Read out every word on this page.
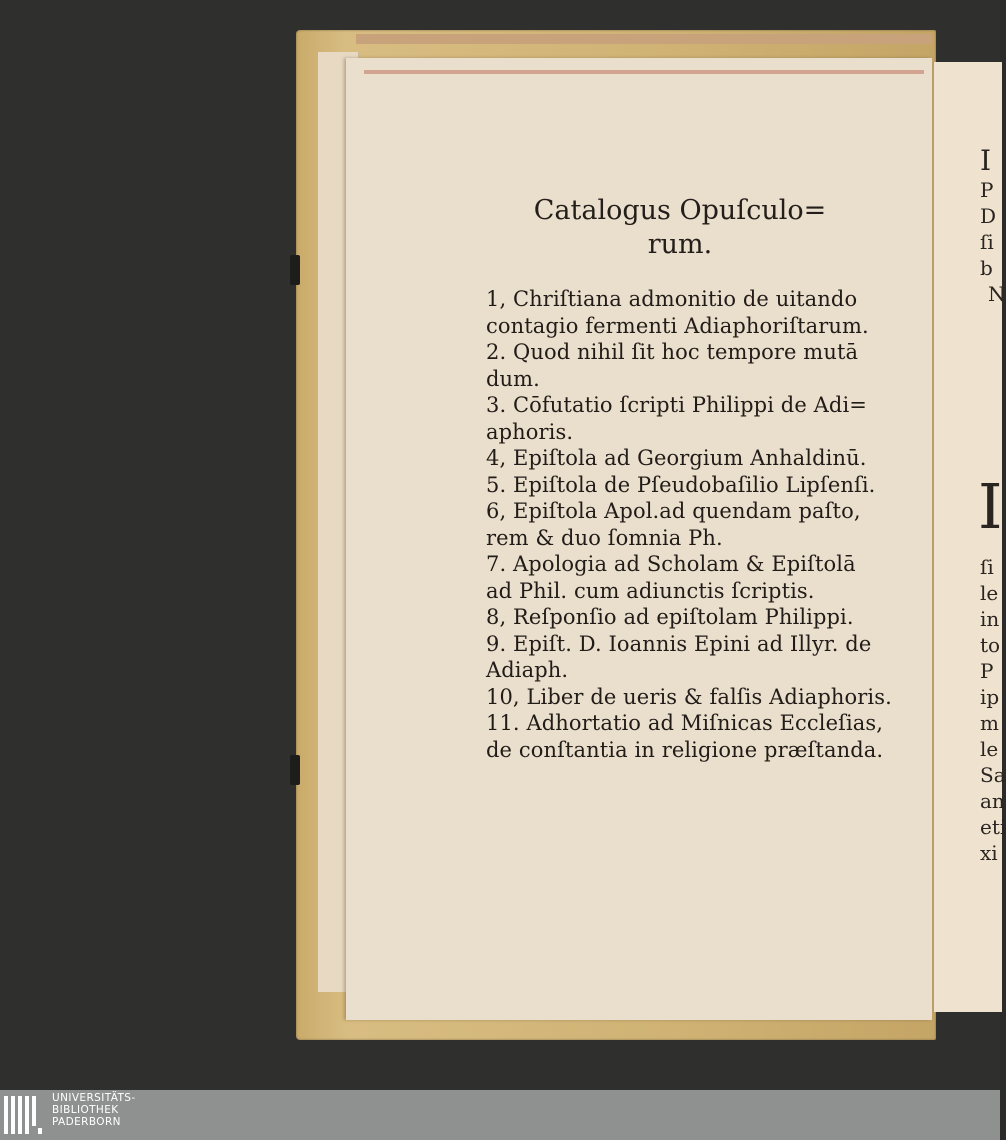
Catalogus Opuſculo=
rum.
1, Chriſtiana admonitio de uitando
contagio fermenti Adiaphoriſtarum.
2. Quod nihil ſit hoc tempore mutā
dum.
3. Cōfutatio ſcripti Philippi de Adi=
aphoris.
4, Epiſtola ad Georgium Anhaldinū.
5. Epiſtola de Pſeudobaſilio Lipſenſi.
6, Epiſtola Apol.ad quendam paſto,
rem & duo ſomnia Ph.
7. Apologia ad Scholam & Epiſtolā
ad Phil. cum adiunctis ſcriptis.
8, Reſponſio ad epiſtolam Philippi.
9. Epiſt. D. Ioannis Epini ad Illyr. de
Adiaph.
10, Liber de ueris & falſis Adiaphoris.
11. Adhortatio ad Miſnicas Eccleſias,
de conſtantia in religione præſtanda.
I
P
D
ſi
b
N
I
ſi
le
in
to
P
ip
m
le
Sa
an
eti
xi
UNIVERSITÄTS-
BIBLIOTHEK
PADERBORN
